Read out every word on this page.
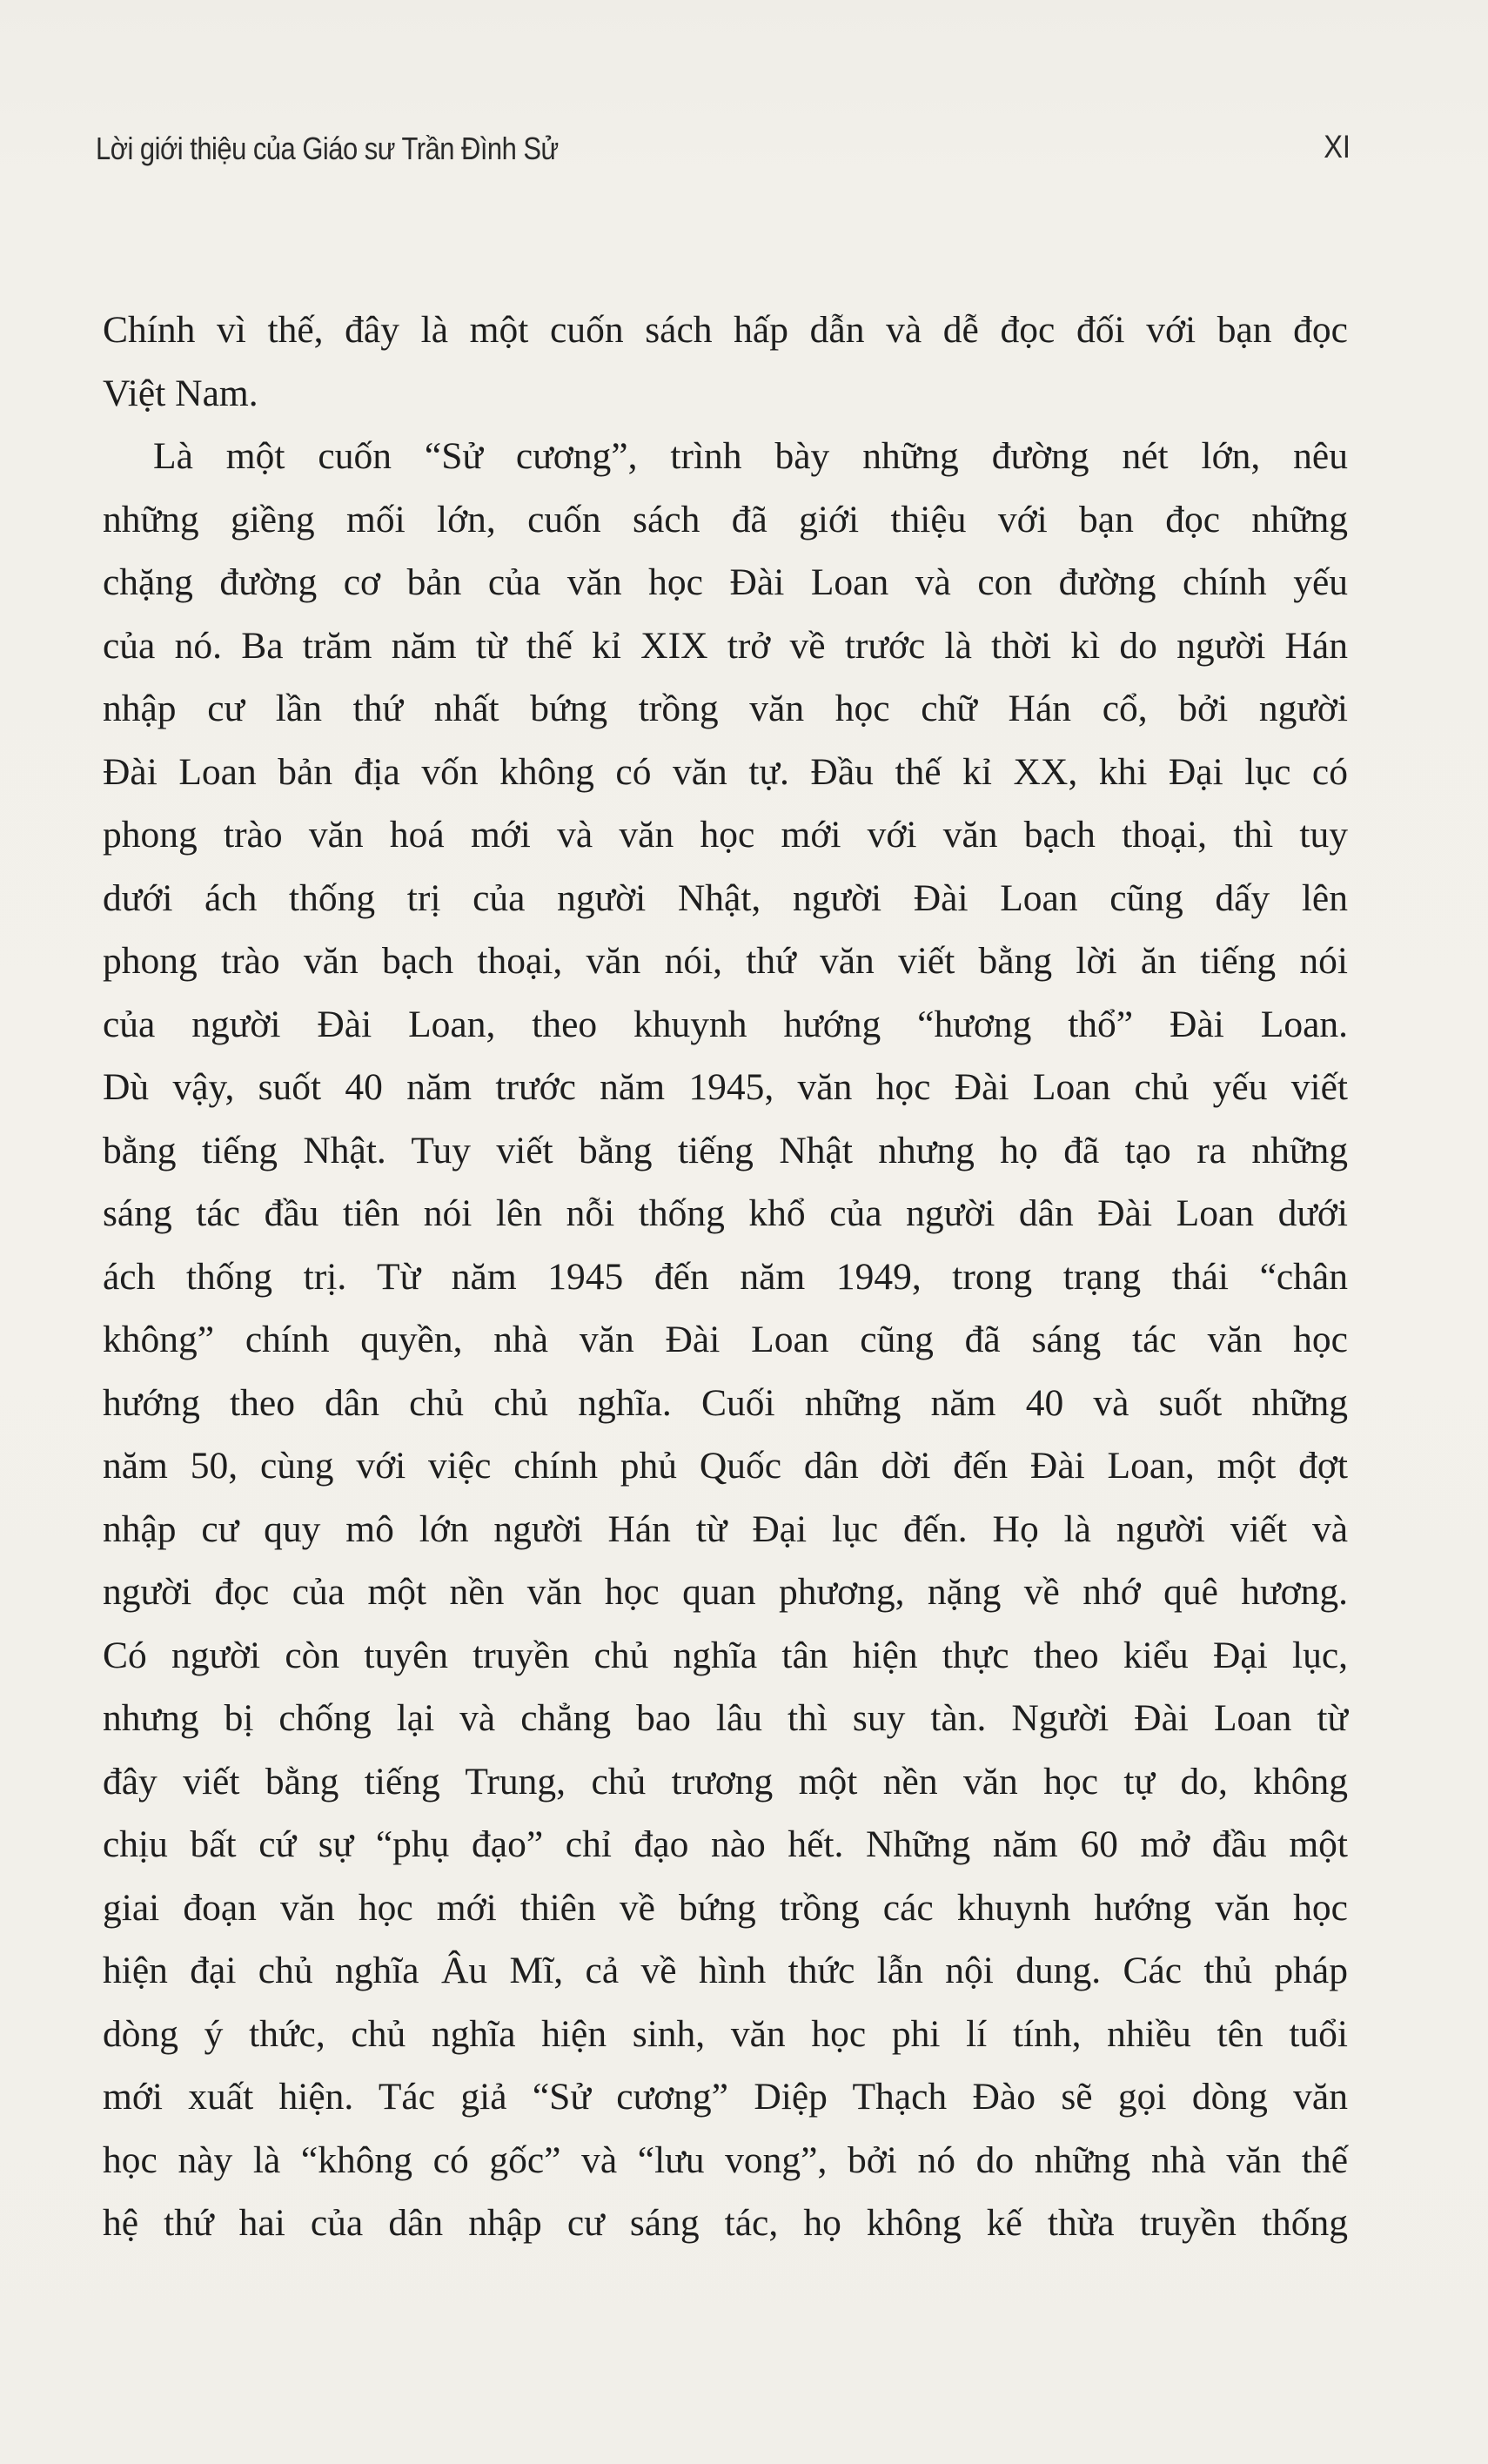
Lời giới thiệu của Giáo sư Trần Đình Sử	XI
Chính vì thế, đây là một cuốn sách hấp dẫn và dễ đọc đối với bạn đọc
Việt Nam.
Là một cuốn “Sử cương”, trình bày những đường nét lớn, nêu
những giềng mối lớn, cuốn sách đã giới thiệu với bạn đọc những
chặng đường cơ bản của văn học Đài Loan và con đường chính yếu
của nó. Ba trăm năm từ thế kỉ XIX trở về trước là thời kì do người Hán
nhập cư lần thứ nhất bứng trồng văn học chữ Hán cổ, bởi người
Đài Loan bản địa vốn không có văn tự. Đầu thế kỉ XX, khi Đại lục có
phong trào văn hoá mới và văn học mới với văn bạch thoại, thì tuy
dưới ách thống trị của người Nhật, người Đài Loan cũng dấy lên
phong trào văn bạch thoại, văn nói, thứ văn viết bằng lời ăn tiếng nói
của người Đài Loan, theo khuynh hướng “hương thổ” Đài Loan.
Dù vậy, suốt 40 năm trước năm 1945, văn học Đài Loan chủ yếu viết
bằng tiếng Nhật. Tuy viết bằng tiếng Nhật nhưng họ đã tạo ra những
sáng tác đầu tiên nói lên nỗi thống khổ của người dân Đài Loan dưới
ách thống trị. Từ năm 1945 đến năm 1949, trong trạng thái “chân
không” chính quyền, nhà văn Đài Loan cũng đã sáng tác văn học
hướng theo dân chủ chủ nghĩa. Cuối những năm 40 và suốt những
năm 50, cùng với việc chính phủ Quốc dân dời đến Đài Loan, một đợt
nhập cư quy mô lớn người Hán từ Đại lục đến. Họ là người viết và
người đọc của một nền văn học quan phương, nặng về nhớ quê hương.
Có người còn tuyên truyền chủ nghĩa tân hiện thực theo kiểu Đại lục,
nhưng bị chống lại và chẳng bao lâu thì suy tàn. Người Đài Loan từ
đây viết bằng tiếng Trung, chủ trương một nền văn học tự do, không
chịu bất cứ sự “phụ đạo” chỉ đạo nào hết. Những năm 60 mở đầu một
giai đoạn văn học mới thiên về bứng trồng các khuynh hướng văn học
hiện đại chủ nghĩa Âu Mĩ, cả về hình thức lẫn nội dung. Các thủ pháp
dòng ý thức, chủ nghĩa hiện sinh, văn học phi lí tính, nhiều tên tuổi
mới xuất hiện. Tác giả “Sử cương” Diệp Thạch Đào sẽ gọi dòng văn
học này là “không có gốc” và “lưu vong”, bởi nó do những nhà văn thế
hệ thứ hai của dân nhập cư sáng tác, họ không kế thừa truyền thống
